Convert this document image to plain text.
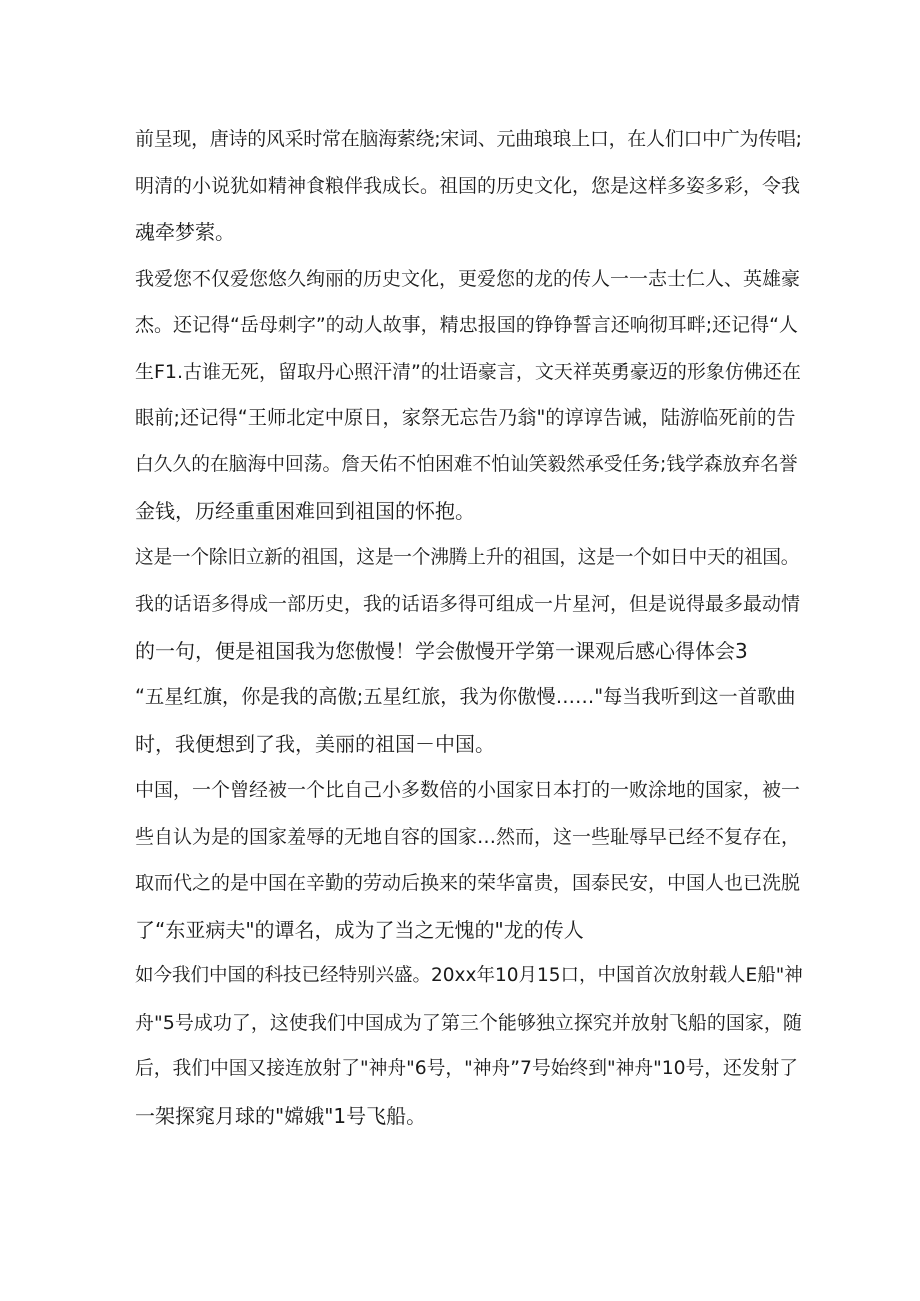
前呈现，唐诗的风采时常在脑海萦绕;宋词、元曲琅琅上口，在人们口中广为传唱;
明清的小说犹如精神食粮伴我成长。祖国的历史文化，您是这样多姿多彩，令我
魂牵梦萦。
我爱您不仅爱您悠久绚丽的历史文化，更爱您的龙的传人一一志士仁人、英雄豪
杰。还记得“岳母刺字”的动人故事，精忠报国的铮铮誓言还响彻耳畔;还记得“人
生F1.古谁无死，留取丹心照汗清”的壮语豪言，文天祥英勇豪迈的形象仿佛还在
眼前;还记得“王师北定中原日，家祭无忘告乃翁"的谆谆告诫，陆游临死前的告
白久久的在脑海中回荡。詹天佑不怕困难不怕讪笑毅然承受任务;钱学森放弃名誉
金钱，历经重重困难回到祖国的怀抱。
这是一个除旧立新的祖国，这是一个沸腾上升的祖国，这是一个如日中天的祖国。
我的话语多得成一部历史，我的话语多得可组成一片星河，但是说得最多最动情
的一句，便是祖国我为您傲慢！学会傲慢开学第一课观后感心得体会3
“五星红旗，你是我的高傲;五星红旅，我为你傲慢……"每当我听到这一首歌曲
时，我便想到了我，美丽的祖国－中国。
中国，一个曾经被一个比自己小多数倍的小国家日本打的一败涂地的国家，被一
些自认为是的国家羞辱的无地自容的国家…然而，这一些耻辱早已经不复存在，
取而代之的是中国在辛勤的劳动后换来的荣华富贵，国泰民安，中国人也已洗脱
了“东亚病夫"的谭名，成为了当之无愧的"龙的传人
如今我们中国的科技已经特别兴盛。20xx年10月15口，中国首次放射载人E船"神
舟"5号成功了，这使我们中国成为了第三个能够独立探究并放射飞船的国家，随
后，我们中国又接连放射了"神舟"6号，"神舟”7号始终到"神舟"10号，还发射了
一架探窕月球的"嫦娥"1号飞船。
